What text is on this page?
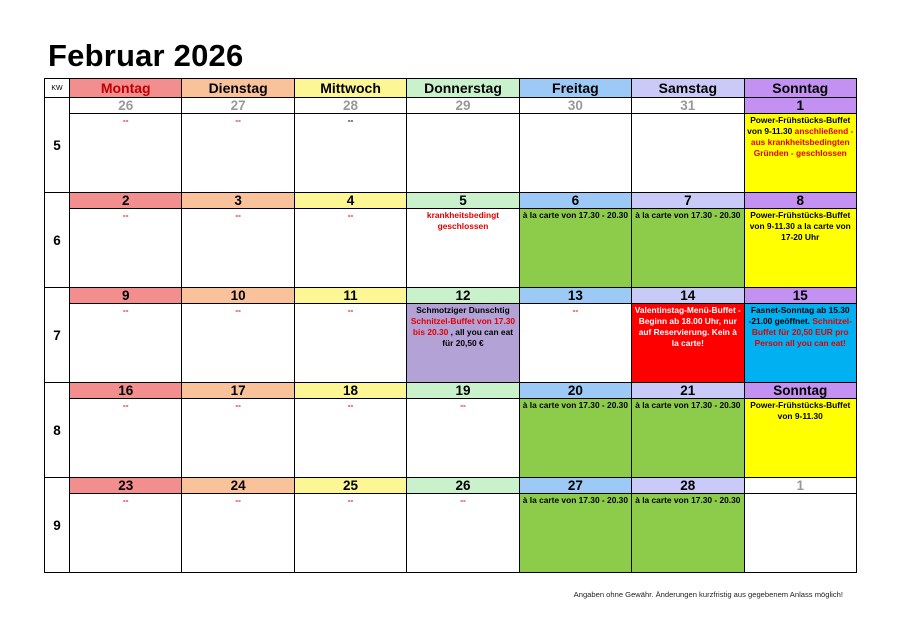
Februar 2026
KW	Montag	Dienstag	Mittwoch	Donnerstag	Freitag	Samstag	Sonntag
5	26	27	28	29	30	31	1

	--	--	--				Power-Frühstücks-Buffet von 9-11.30 anschließend - aus krankheitsbedingten Gründen - geschlossen

6	2	3	4	5	6	7	8

	--	--	--	krankheitsbedingt geschlossen	à la carte von 17.30 - 20.30	à la carte von 17.30 - 20.30	Power-Frühstücks-Buffet von 9-11.30 a la carte von 17-20 Uhr

7	9	10	11	12	13	14	15

	--	--	--	Schmotziger Dunschtig Schnitzel-Buffet von 17.30 bis 20.30 , all you can eat für 20,50 €	--	Valentinstag-Menü-Buffet - Beginn ab 18.00 Uhr, nur auf Reservierung. Kein à la carte!	Fasnet-Sonntag ab 15.30 -21.00 geöffnet. Schnitzel-Buffet für 20,50 EUR pro Person all you can eat!

8	16	17	18	19	20	21	Sonntag

	--	--	--	--	à la carte von 17.30 - 20.30	à la carte von 17.30 - 20.30	Power-Frühstücks-Buffet von 9-11.30

9	23	24	25	26	27	28	1

	--	--	--	--	à la carte von 17.30 - 20.30	à la carte von 17.30 - 20.30	

Angaben ohne Gewähr. Änderungen kurzfristig aus gegebenem Anlass möglich!
